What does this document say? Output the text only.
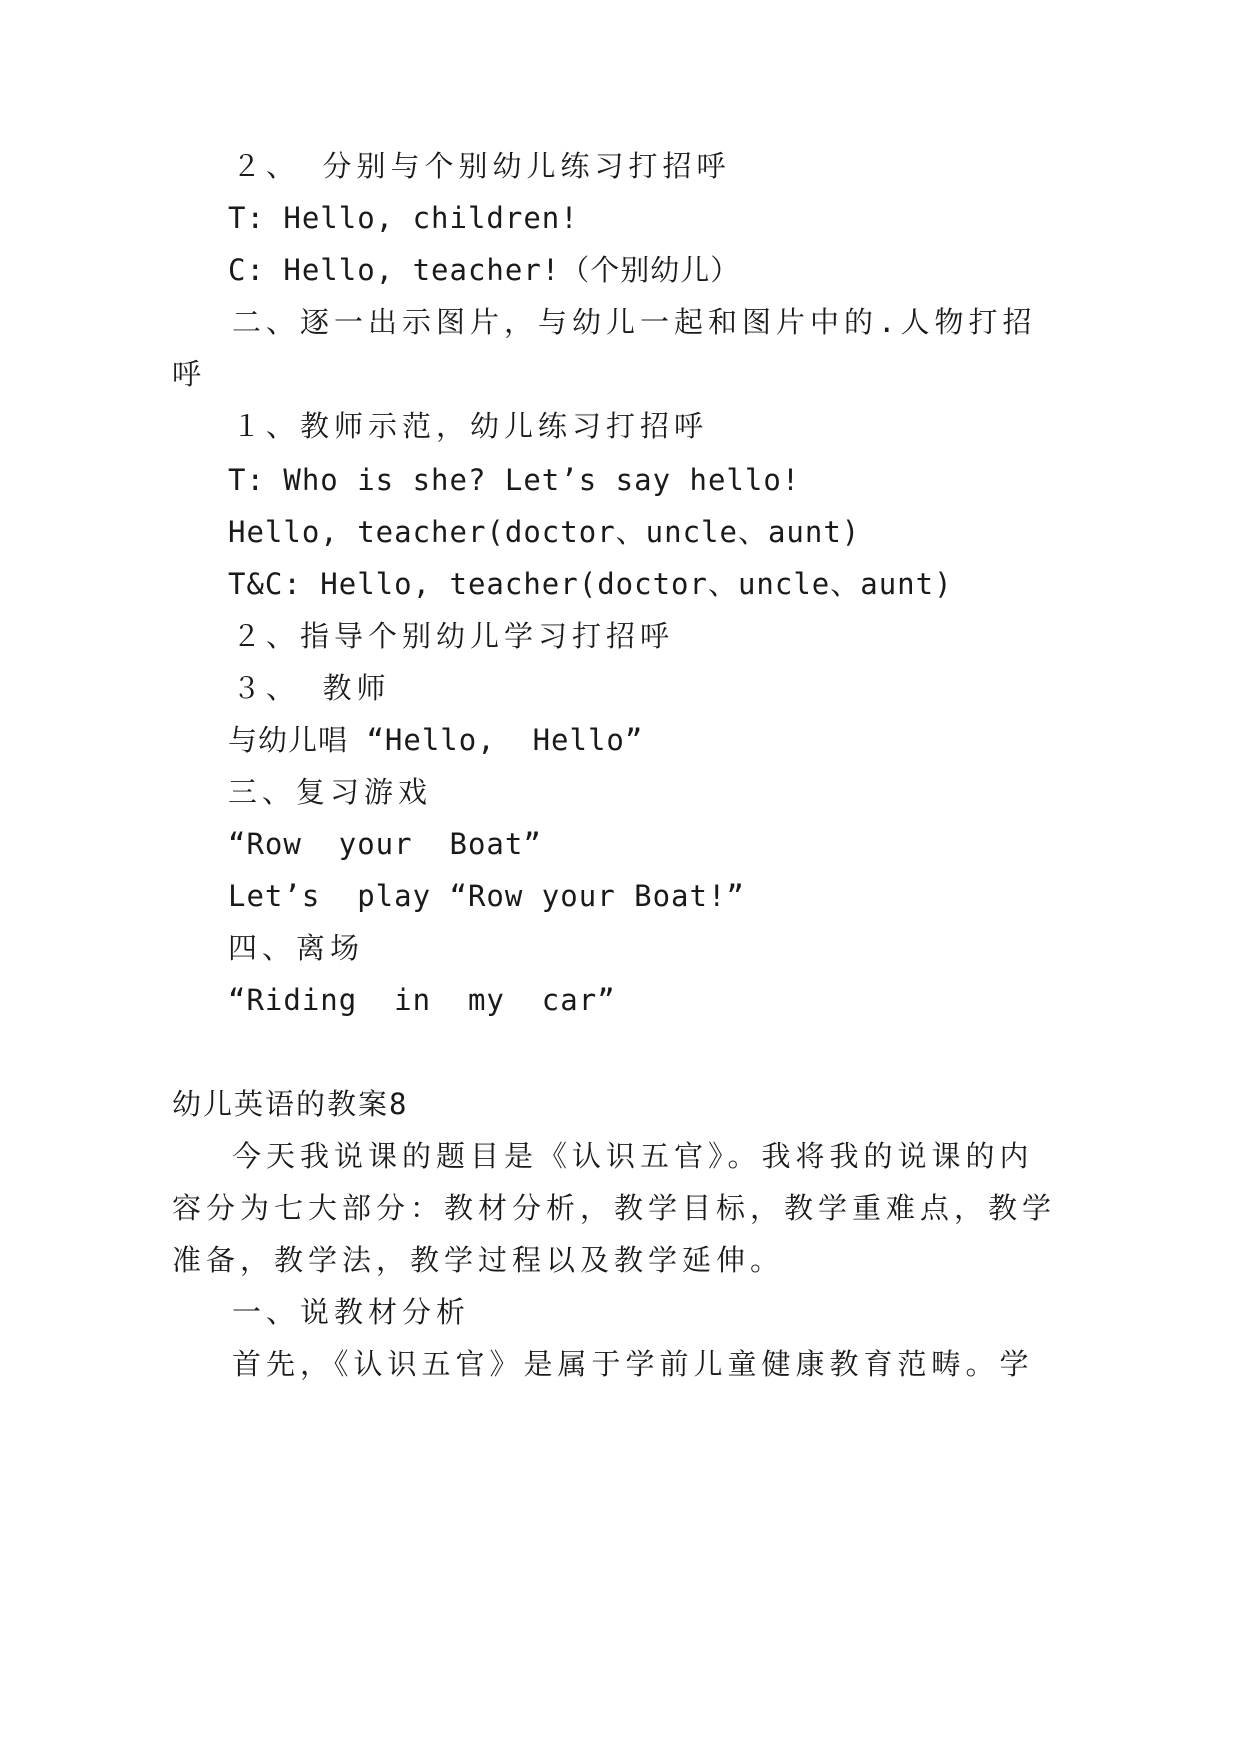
２、 分别与个别幼儿练习打招呼
T: Hello, children!
C: Hello, teacher!（个别幼儿）
二、逐一出示图片，与幼儿一起和图片中的.人物打招
呼
１、教师示范，幼儿练习打招呼
T: Who is she? Let’s say hello!
Hello, teacher(doctor、uncle、aunt)
T&C: Hello, teacher(doctor、uncle、aunt)
２、指导个别幼儿学习打招呼
３、 教师
与幼儿唱 “Hello,  Hello”
三、复习游戏
“Row  your  Boat”
Let’s  play “Row your Boat!”
四、离场
“Riding  in  my  car”
幼儿英语的教案8
今天我说课的题目是《认识五官》。我将我的说课的内
容分为七大部分：教材分析，教学目标，教学重难点，教学
准备，教学法，教学过程以及教学延伸。
一、说教材分析
首先，《认识五官》是属于学前儿童健康教育范畴。学
